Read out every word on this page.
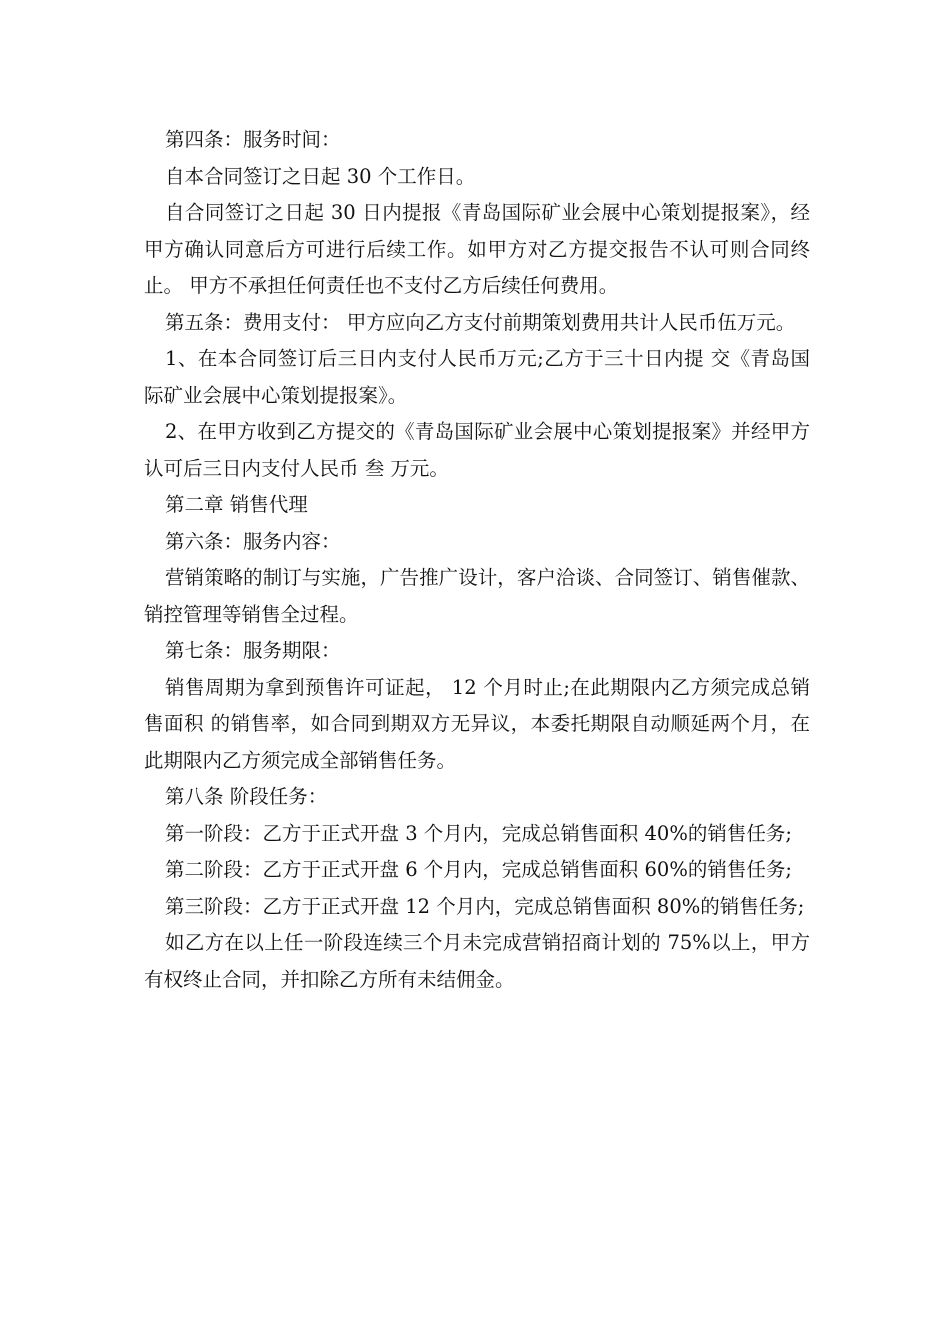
第四条：服务时间：

自本合同签订之日起 30 个工作日。

自合同签订之日起 30 日内提报《青岛国际矿业会展中心策划提报案》，经甲方确认同意后方可进行后续工作。如甲方对乙方提交报告不认可则合同终止。 甲方不承担任何责任也不支付乙方后续任何费用。

第五条：费用支付： 甲方应向乙方支付前期策划费用共计人民币伍万元。

1、在本合同签订后三日内支付人民币万元;乙方于三十日内提 交《青岛国际矿业会展中心策划提报案》。

2、在甲方收到乙方提交的《青岛国际矿业会展中心策划提报案》并经甲方认可后三日内支付人民币 叁 万元。

第二章 销售代理

第六条：服务内容：

营销策略的制订与实施，广告推广设计，客户洽谈、合同签订、销售催款、销控管理等销售全过程。

第七条：服务期限：

销售周期为拿到预售许可证起， 12 个月时止;在此期限内乙方须完成总销售面积 的销售率，如合同到期双方无异议，本委托期限自动顺延两个月，在此期限内乙方须完成全部销售任务。

第八条 阶段任务：

第一阶段：乙方于正式开盘 3 个月内，完成总销售面积 40%的销售任务;

第二阶段：乙方于正式开盘 6 个月内，完成总销售面积 60%的销售任务;

第三阶段：乙方于正式开盘 12 个月内，完成总销售面积 80%的销售任务;

如乙方在以上任一阶段连续三个月未完成营销招商计划的 75%以上，甲方有权终止合同，并扣除乙方所有未结佣金。
